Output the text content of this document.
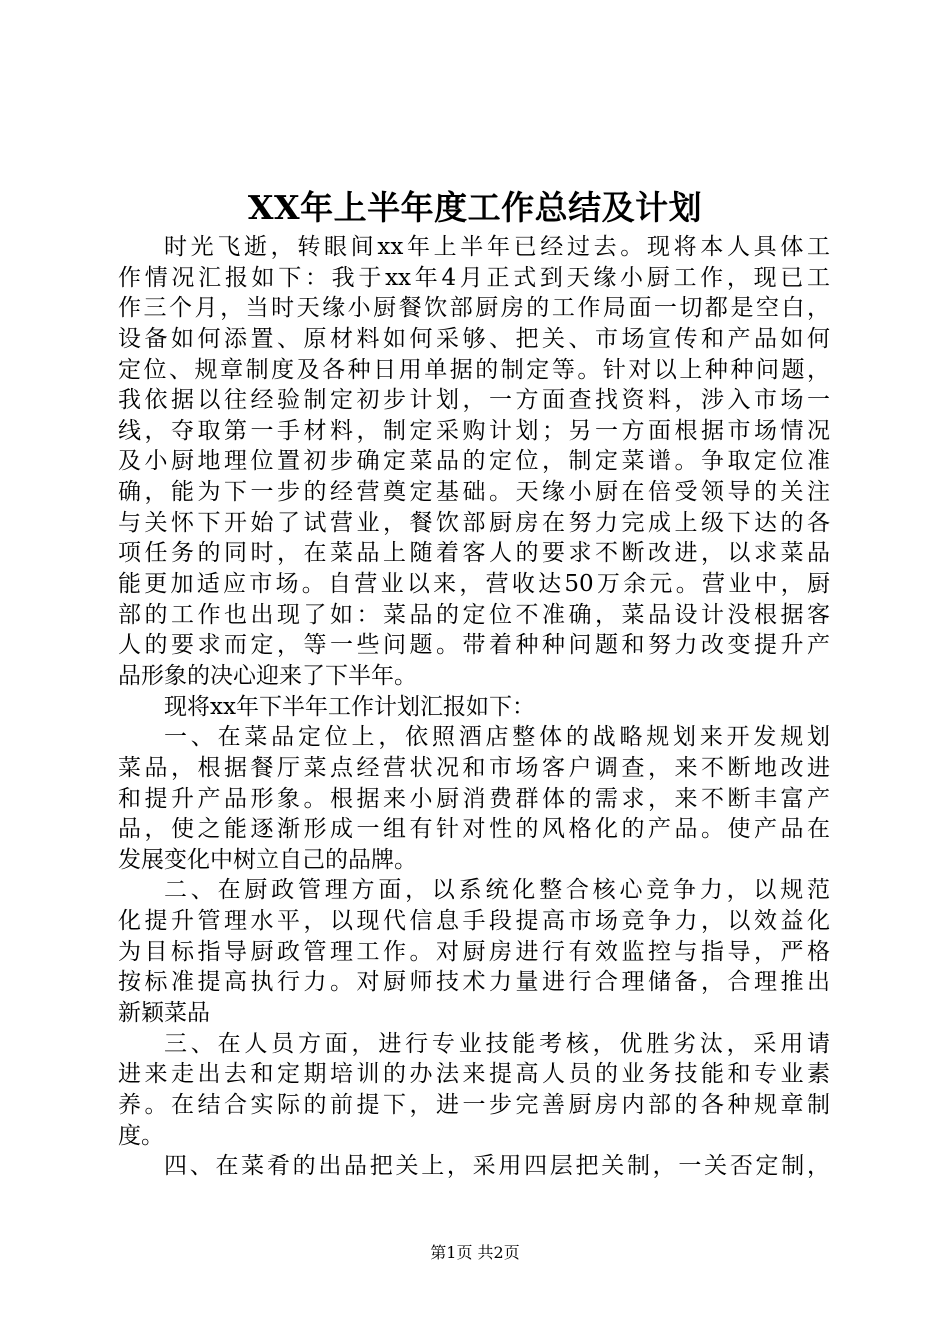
XX年上半年度工作总结及计划
时光飞逝，转眼间xx年上半年已经过去。现将本人具体工
作情况汇报如下：我于xx年4月正式到天缘小厨工作，现已工
作三个月，当时天缘小厨餐饮部厨房的工作局面一切都是空白，
设备如何添置、原材料如何采够、把关、市场宣传和产品如何
定位、规章制度及各种日用单据的制定等。针对以上种种问题，
我依据以往经验制定初步计划，一方面查找资料，涉入市场一
线，夺取第一手材料，制定采购计划；另一方面根据市场情况
及小厨地理位置初步确定菜品的定位，制定菜谱。争取定位准
确，能为下一步的经营奠定基础。天缘小厨在倍受领导的关注
与关怀下开始了试营业，餐饮部厨房在努力完成上级下达的各
项任务的同时，在菜品上随着客人的要求不断改进，以求菜品
能更加适应市场。自营业以来，营收达50万余元。营业中，厨
部的工作也出现了如：菜品的定位不准确，菜品设计没根据客
人的要求而定，等一些问题。带着种种问题和努力改变提升产
品形象的决心迎来了下半年。
现将xx年下半年工作计划汇报如下：
一、在菜品定位上，依照酒店整体的战略规划来开发规划
菜品，根据餐厅菜点经营状况和市场客户调查，来不断地改进
和提升产品形象。根据来小厨消费群体的需求，来不断丰富产
品，使之能逐渐形成一组有针对性的风格化的产品。使产品在
发展变化中树立自己的品牌。
二、在厨政管理方面，以系统化整合核心竞争力，以规范
化提升管理水平，以现代信息手段提高市场竞争力，以效益化
为目标指导厨政管理工作。对厨房进行有效监控与指导，严格
按标准提高执行力。对厨师技术力量进行合理储备，合理推出
新颖菜品
三、在人员方面，进行专业技能考核，优胜劣汰，采用请
进来走出去和定期培训的办法来提高人员的业务技能和专业素
养。在结合实际的前提下，进一步完善厨房内部的各种规章制
度。
四、在菜肴的出品把关上，采用四层把关制，一关否定制，
第1页 共2页
